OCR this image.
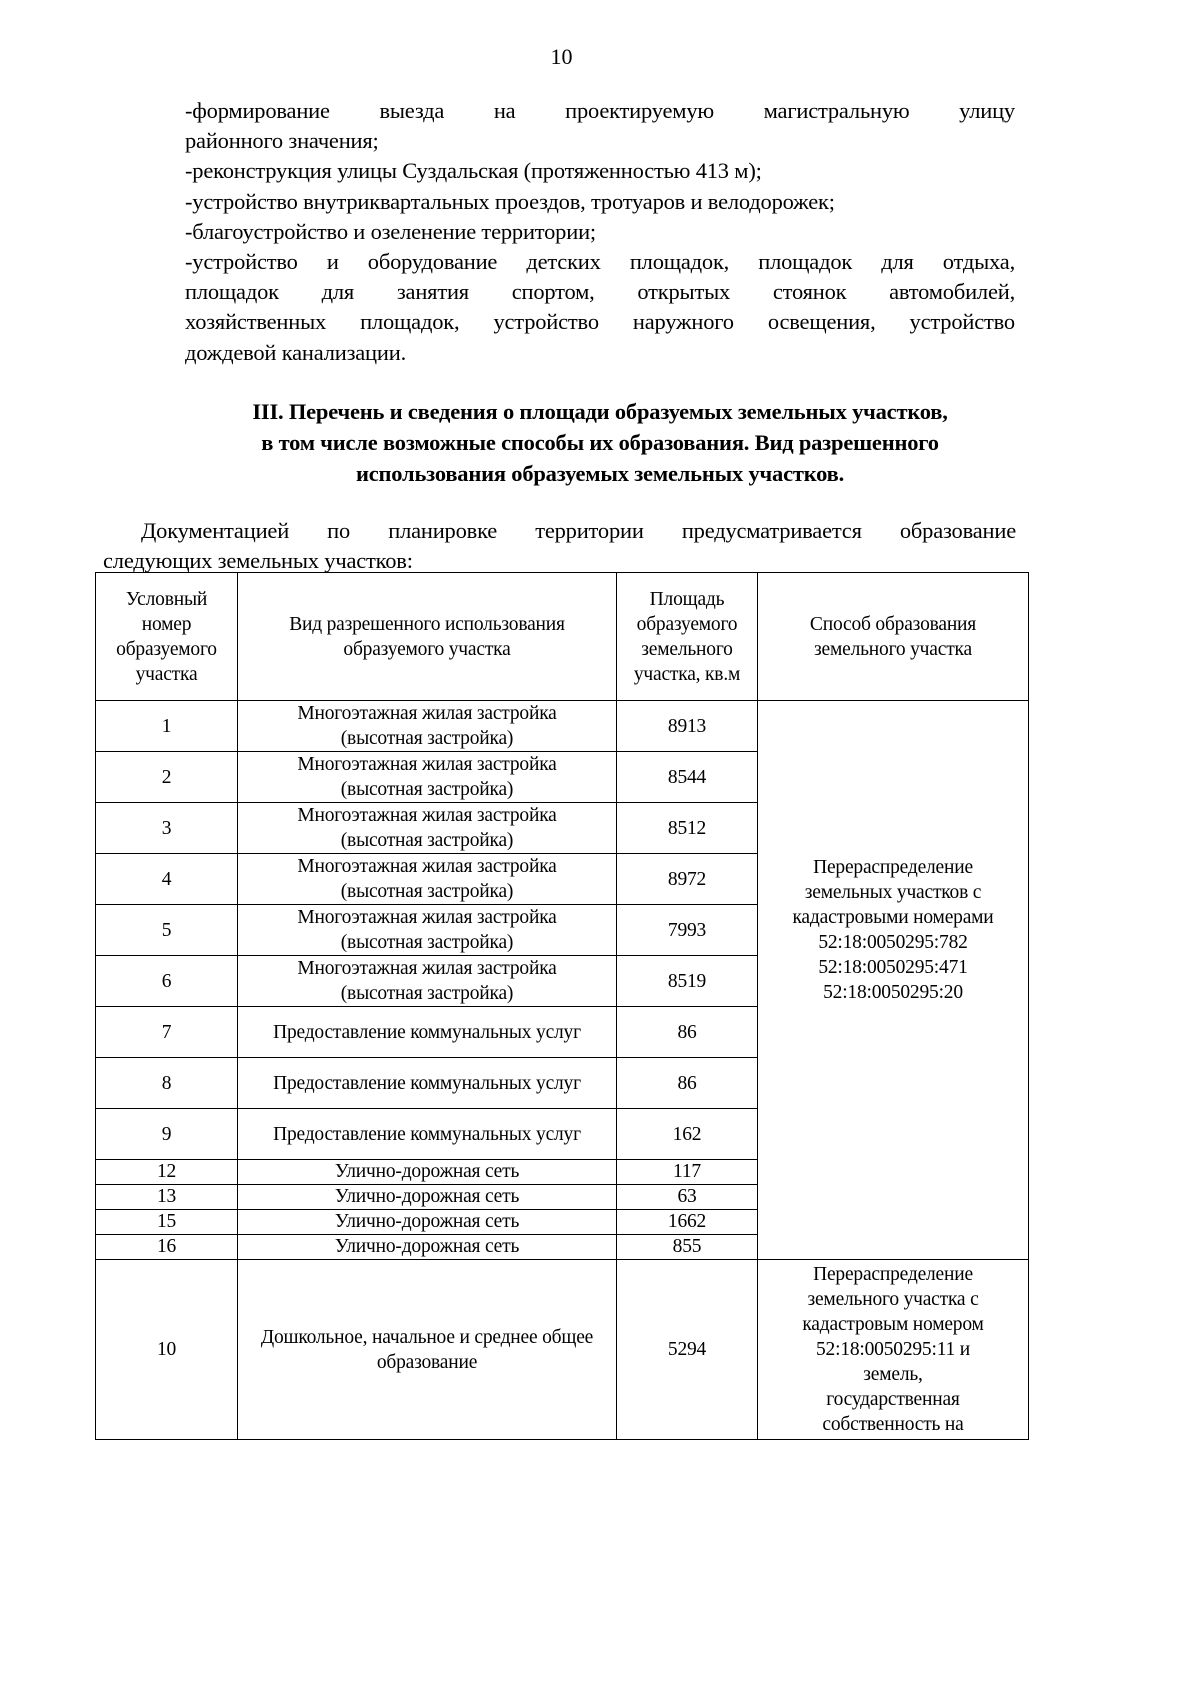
10
-формирование выезда на проектируемую магистральную улицу
районного значения;
-реконструкция улицы Суздальская (протяженностью 413 м);
-устройство внутриквартальных проездов, тротуаров и велодорожек;
-благоустройство и озеленение территории;
-устройство и оборудование детских площадок, площадок для отдыха,
площадок для занятия спортом, открытых стоянок автомобилей,
хозяйственных площадок, устройство наружного освещения, устройство
дождевой канализации.
III. Перечень и сведения о площади образуемых земельных участков,
в том числе возможные способы их образования. Вид разрешенного
использования образуемых земельных участков.
Документацией по планировке территории предусматривается образование
следующих земельных участков:
Условный номер образуемого участка	Вид разрешенного использования образуемого участка	Площадь образуемого земельного участка, кв.м	Способ образования земельного участка
1	Многоэтажная жилая застройка (высотная застройка)	8913	Перераспределение земельных участков с кадастровыми номерами 52:18:0050295:782 52:18:0050295:471 52:18:0050295:20
2	Многоэтажная жилая застройка (высотная застройка)	8544	
3	Многоэтажная жилая застройка (высотная застройка)	8512	
4	Многоэтажная жилая застройка (высотная застройка)	8972	
5	Многоэтажная жилая застройка (высотная застройка)	7993	
6	Многоэтажная жилая застройка (высотная застройка)	8519	
7	Предоставление коммунальных услуг	86	
8	Предоставление коммунальных услуг	86	
9	Предоставление коммунальных услуг	162	
12	Улично-дорожная сеть	117	
13	Улично-дорожная сеть	63	
15	Улично-дорожная сеть	1662	
16	Улично-дорожная сеть	855	
10	Дошкольное, начальное и среднее общее образование	5294	Перераспределение земельного участка с кадастровым номером 52:18:0050295:11 и земель, государственная собственность на
